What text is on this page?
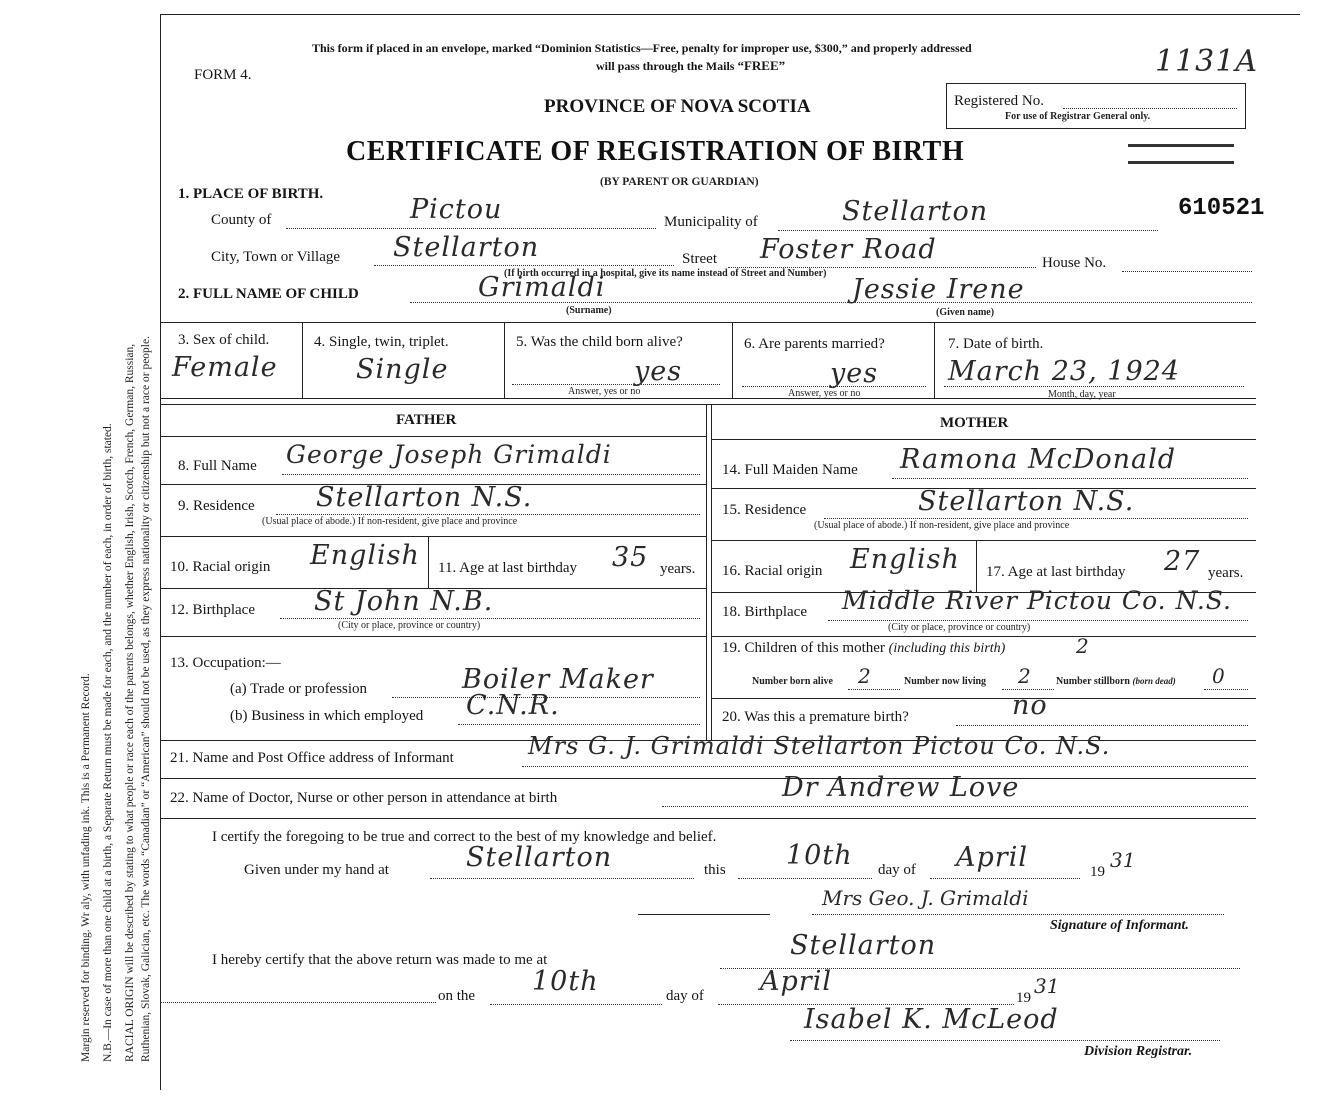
Margin reserved for binding. Wr aly, with unfading ink. This is a Permanent Record. N.B.—In case of more than one child at a birth, a Separate Return must be made for each, and the number of each, in order of birth, stated. RACIAL ORIGIN will be described by stating to what people or race each of the parents belongs, whether English, Irish, Scotch, French, German, Russian, Ruthenian, Slovak, Galician, etc. The words “Canadian” or “American” should not be used, as they express nationality or citizenship but not a race or people.
This form if placed in an envelope, marked “Dominion Statistics—Free, penalty for improper use, $300,” and properly addressed
will pass through the Mails “FREE”
FORM 4.	1131A
Registered No.
For use of Registrar General only.
PROVINCE OF NOVA SCOTIA
CERTIFICATE OF REGISTRATION OF BIRTH
(BY PARENT OR GUARDIAN)
610521
1. PLACE OF BIRTH.
County of	Pictou	Municipality of	Stellarton
City, Town or Village Stellarton	Street Foster Road	House No.
(If birth occurred in a hospital, give its name instead of Street and Number)
2. FULL NAME OF CHILD	Grimaldi
(Surname)
Jessie Irene
(Given name)
3. Sex of child.
Female
4. Single, twin, triplet.
Single
5. Was the child born alive?
yes
Answer, yes or no
6. Are parents married?
yes
Answer, yes or no
7. Date of birth.
March 23, 1924
Month, day, year
FATHER	MOTHER
8. Full Name George Joseph Grimaldi
9. Residence Stellarton N.S.
(Usual place of abode.) If non-resident, give place and province
10. Racial origin English 11. Age at last birthday 35 years.
12. Birthplace St John N.B.
(City or place, province or country)
13. Occupation:—
(a) Trade or profession	Boiler Maker
(b) Business in which employed C.N.R.
14. Full Maiden Name Ramona McDonald
15. Residence	Stellarton N.S.
(Usual place of abode.) If non-resident, give place and province
16. Racial origin English 17. Age at last birthday 27 years.
18. Birthplace Middle River Pictou Co. N.S.
(City or place, province or country)
19. Children of this mother (including this birth)	2
Number born alive 2	Number now living 2	Number stillborn (born dead) 0
20. Was this a premature birth?	no
21. Name and Post Office address of Informant	Mrs G. J. Grimaldi Stellarton Pictou Co. N.S.
22. Name of Doctor, Nurse or other person in attendance at birth	Dr Andrew Love
I certify the foregoing to be true and correct to the best of my knowledge and belief.
Given under my hand at	Stellarton	this 10th day of April	19 31
Mrs Geo. J. Grimaldi
Signature of Informant.
I hereby certify that the above return was made to me at	Stellarton
on the 10th	day of April
19 31
Isabel K. McLeod
Division Registrar.
